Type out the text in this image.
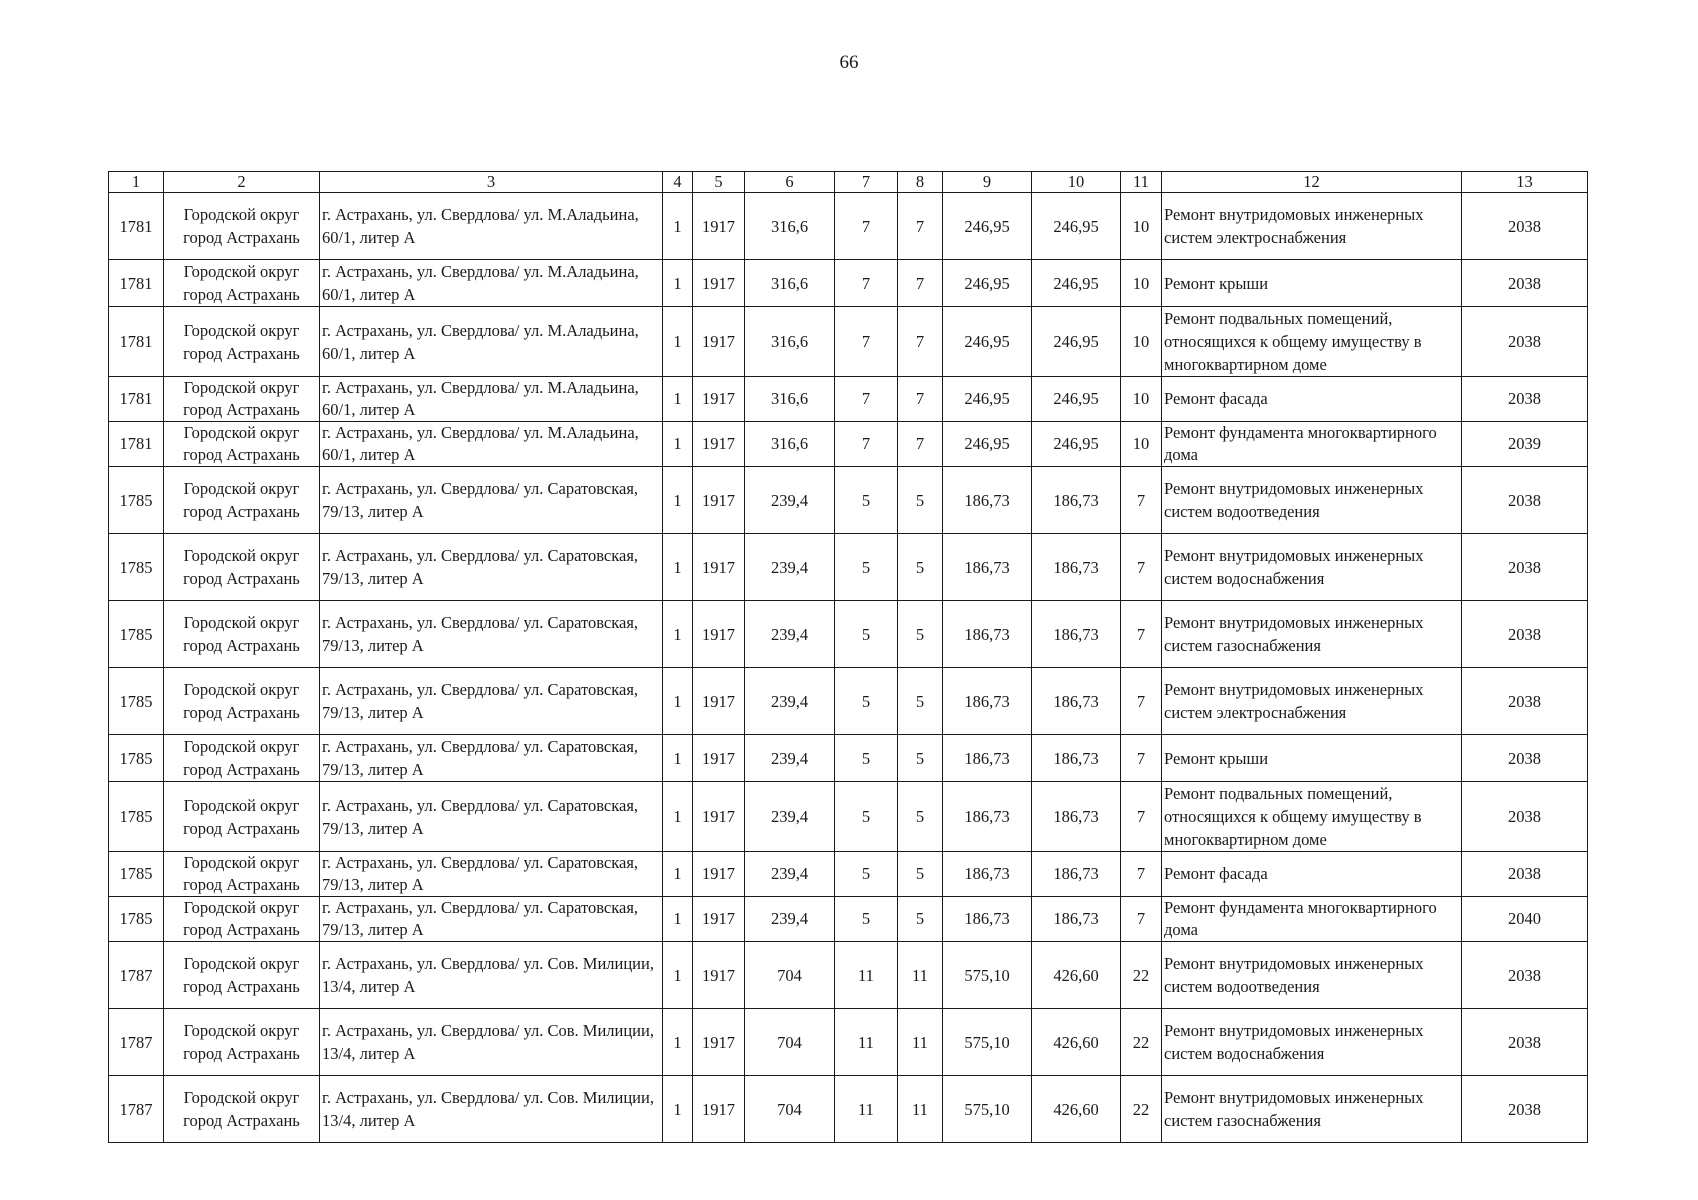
66
1	2	3	4	5	6	7	8	9	10	11	12	13
1781	Городской округ город Астрахань	г. Астрахань, ул. Свердлова/ ул. М.Аладьина, 60/1, литер А	1	1917	316,6	7	7	246,95	246,95	10	Ремонт внутридомовых инженерных систем электроснабжения	2038
1781	Городской округ город Астрахань	г. Астрахань, ул. Свердлова/ ул. М.Аладьина, 60/1, литер А	1	1917	316,6	7	7	246,95	246,95	10	Ремонт крыши	2038
1781	Городской округ город Астрахань	г. Астрахань, ул. Свердлова/ ул. М.Аладьина, 60/1, литер А	1	1917	316,6	7	7	246,95	246,95	10	Ремонт подвальных помещений, относящихся к общему имуществу в многоквартирном доме	2038
1781	Городской округ город Астрахань	г. Астрахань, ул. Свердлова/ ул. М.Аладьина, 60/1, литер А	1	1917	316,6	7	7	246,95	246,95	10	Ремонт фасада	2038
1781	Городской округ город Астрахань	г. Астрахань, ул. Свердлова/ ул. М.Аладьина, 60/1, литер А	1	1917	316,6	7	7	246,95	246,95	10	Ремонт фундамента многоквартирного дома	2039
1785	Городской округ город Астрахань	г. Астрахань, ул. Свердлова/ ул. Саратовская, 79/13, литер А	1	1917	239,4	5	5	186,73	186,73	7	Ремонт внутридомовых инженерных систем водоотведения	2038
1785	Городской округ город Астрахань	г. Астрахань, ул. Свердлова/ ул. Саратовская, 79/13, литер А	1	1917	239,4	5	5	186,73	186,73	7	Ремонт внутридомовых инженерных систем водоснабжения	2038
1785	Городской округ город Астрахань	г. Астрахань, ул. Свердлова/ ул. Саратовская, 79/13, литер А	1	1917	239,4	5	5	186,73	186,73	7	Ремонт внутридомовых инженерных систем газоснабжения	2038
1785	Городской округ город Астрахань	г. Астрахань, ул. Свердлова/ ул. Саратовская, 79/13, литер А	1	1917	239,4	5	5	186,73	186,73	7	Ремонт внутридомовых инженерных систем электроснабжения	2038
1785	Городской округ город Астрахань	г. Астрахань, ул. Свердлова/ ул. Саратовская, 79/13, литер А	1	1917	239,4	5	5	186,73	186,73	7	Ремонт крыши	2038
1785	Городской округ город Астрахань	г. Астрахань, ул. Свердлова/ ул. Саратовская, 79/13, литер А	1	1917	239,4	5	5	186,73	186,73	7	Ремонт подвальных помещений, относящихся к общему имуществу в многоквартирном доме	2038
1785	Городской округ город Астрахань	г. Астрахань, ул. Свердлова/ ул. Саратовская, 79/13, литер А	1	1917	239,4	5	5	186,73	186,73	7	Ремонт фасада	2038
1785	Городской округ город Астрахань	г. Астрахань, ул. Свердлова/ ул. Саратовская, 79/13, литер А	1	1917	239,4	5	5	186,73	186,73	7	Ремонт фундамента многоквартирного дома	2040
1787	Городской округ город Астрахань	г. Астрахань, ул. Свердлова/ ул. Сов. Милиции, 13/4, литер А	1	1917	704	11	11	575,10	426,60	22	Ремонт внутридомовых инженерных систем водоотведения	2038
1787	Городской округ город Астрахань	г. Астрахань, ул. Свердлова/ ул. Сов. Милиции, 13/4, литер А	1	1917	704	11	11	575,10	426,60	22	Ремонт внутридомовых инженерных систем водоснабжения	2038
1787	Городской округ город Астрахань	г. Астрахань, ул. Свердлова/ ул. Сов. Милиции, 13/4, литер А	1	1917	704	11	11	575,10	426,60	22	Ремонт внутридомовых инженерных систем газоснабжения	2038
